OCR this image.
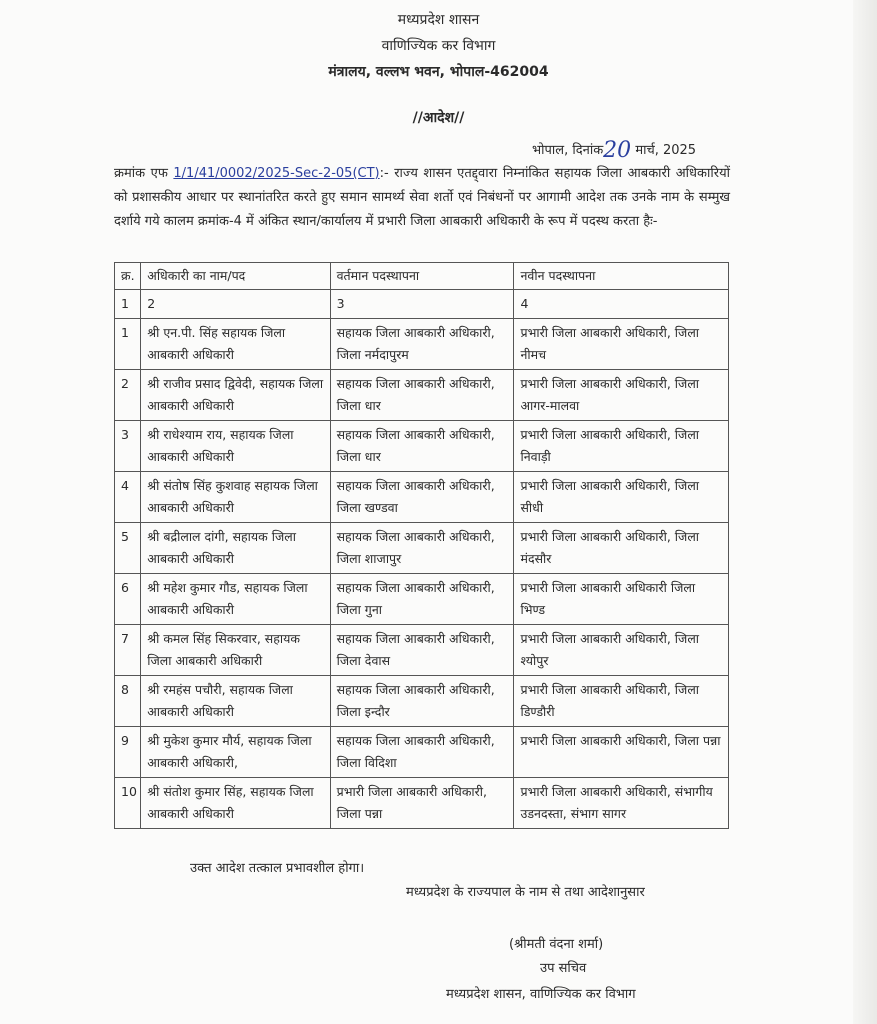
मध्यप्रदेश शासन
वाणिज्यिक कर विभाग
मंत्रालय, वल्लभ भवन, भोपाल-462004
//आदेश//
भोपाल, दिनांक20 मार्च, 2025
क्रमांक एफ 1/1/41/0002/2025-Sec-2-05(CT):- राज्य शासन एतद्द्वारा निम्नांकित सहायक जिला आबकारी अधिकारियों को प्रशासकीय आधार पर स्थानांतरित करते हुए समान सामर्थ्य सेवा शर्तो एवं निबंधनों पर आगामी आदेश तक उनके नाम के सम्मुख दर्शाये गये कालम क्रमांक-4 में अंकित स्थान/कार्यालय में प्रभारी जिला आबकारी अधिकारी के रूप में पदस्थ करता हैः-
क्र.	अधिकारी का नाम/पद	वर्तमान पदस्थापना	नवीन पदस्थापना
1	2	3	4
1	श्री एन.पी. सिंह सहायक जिला आबकारी अधिकारी	सहायक जिला आबकारी अधिकारी, जिला नर्मदापुरम	प्रभारी जिला आबकारी अधिकारी, जिला नीमच
2	श्री राजीव प्रसाद द्विवेदी, सहायक जिला आबकारी अधिकारी	सहायक जिला आबकारी अधिकारी, जिला धार	प्रभारी जिला आबकारी अधिकारी, जिला आगर-मालवा
3	श्री राधेश्याम राय, सहायक जिला आबकारी अधिकारी	सहायक जिला आबकारी अधिकारी, जिला धार	प्रभारी जिला आबकारी अधिकारी, जिला निवाड़ी
4	श्री संतोष सिंह कुशवाह सहायक जिला आबकारी अधिकारी	सहायक जिला आबकारी अधिकारी, जिला खण्डवा	प्रभारी जिला आबकारी अधिकारी, जिला सीधी
5	श्री बद्रीलाल दांगी, सहायक जिला आबकारी अधिकारी	सहायक जिला आबकारी अधिकारी, जिला शाजापुर	प्रभारी जिला आबकारी अधिकारी, जिला मंदसौर
6	श्री महेश कुमार गौड, सहायक जिला आबकारी अधिकारी	सहायक जिला आबकारी अधिकारी, जिला गुना	प्रभारी जिला आबकारी अधिकारी जिला भिण्ड
7	श्री कमल सिंह सिकरवार, सहायक जिला आबकारी अधिकारी	सहायक जिला आबकारी अधिकारी, जिला देवास	प्रभारी जिला आबकारी अधिकारी, जिला श्योपुर
8	श्री रमहंस पचौरी, सहायक जिला आबकारी अधिकारी	सहायक जिला आबकारी अधिकारी, जिला इन्दौर	प्रभारी जिला आबकारी अधिकारी, जिला डिण्डौरी
9	श्री मुकेश कुमार मौर्य, सहायक जिला आबकारी अधिकारी,	सहायक जिला आबकारी अधिकारी, जिला विदिशा	प्रभारी जिला आबकारी अधिकारी, जिला पन्ना
10	श्री संतोश कुमार सिंह, सहायक जिला आबकारी अधिकारी	प्रभारी जिला आबकारी अधिकारी, जिला पन्ना	प्रभारी जिला आबकारी अधिकारी, संभागीय उडनदस्ता, संभाग सागर
उक्त आदेश तत्काल प्रभावशील होगा।
मध्यप्रदेश के राज्यपाल के नाम से तथा आदेशानुसार
(श्रीमती वंदना शर्मा)
उप सचिव
मध्यप्रदेश शासन, वाणिज्यिक कर विभाग
